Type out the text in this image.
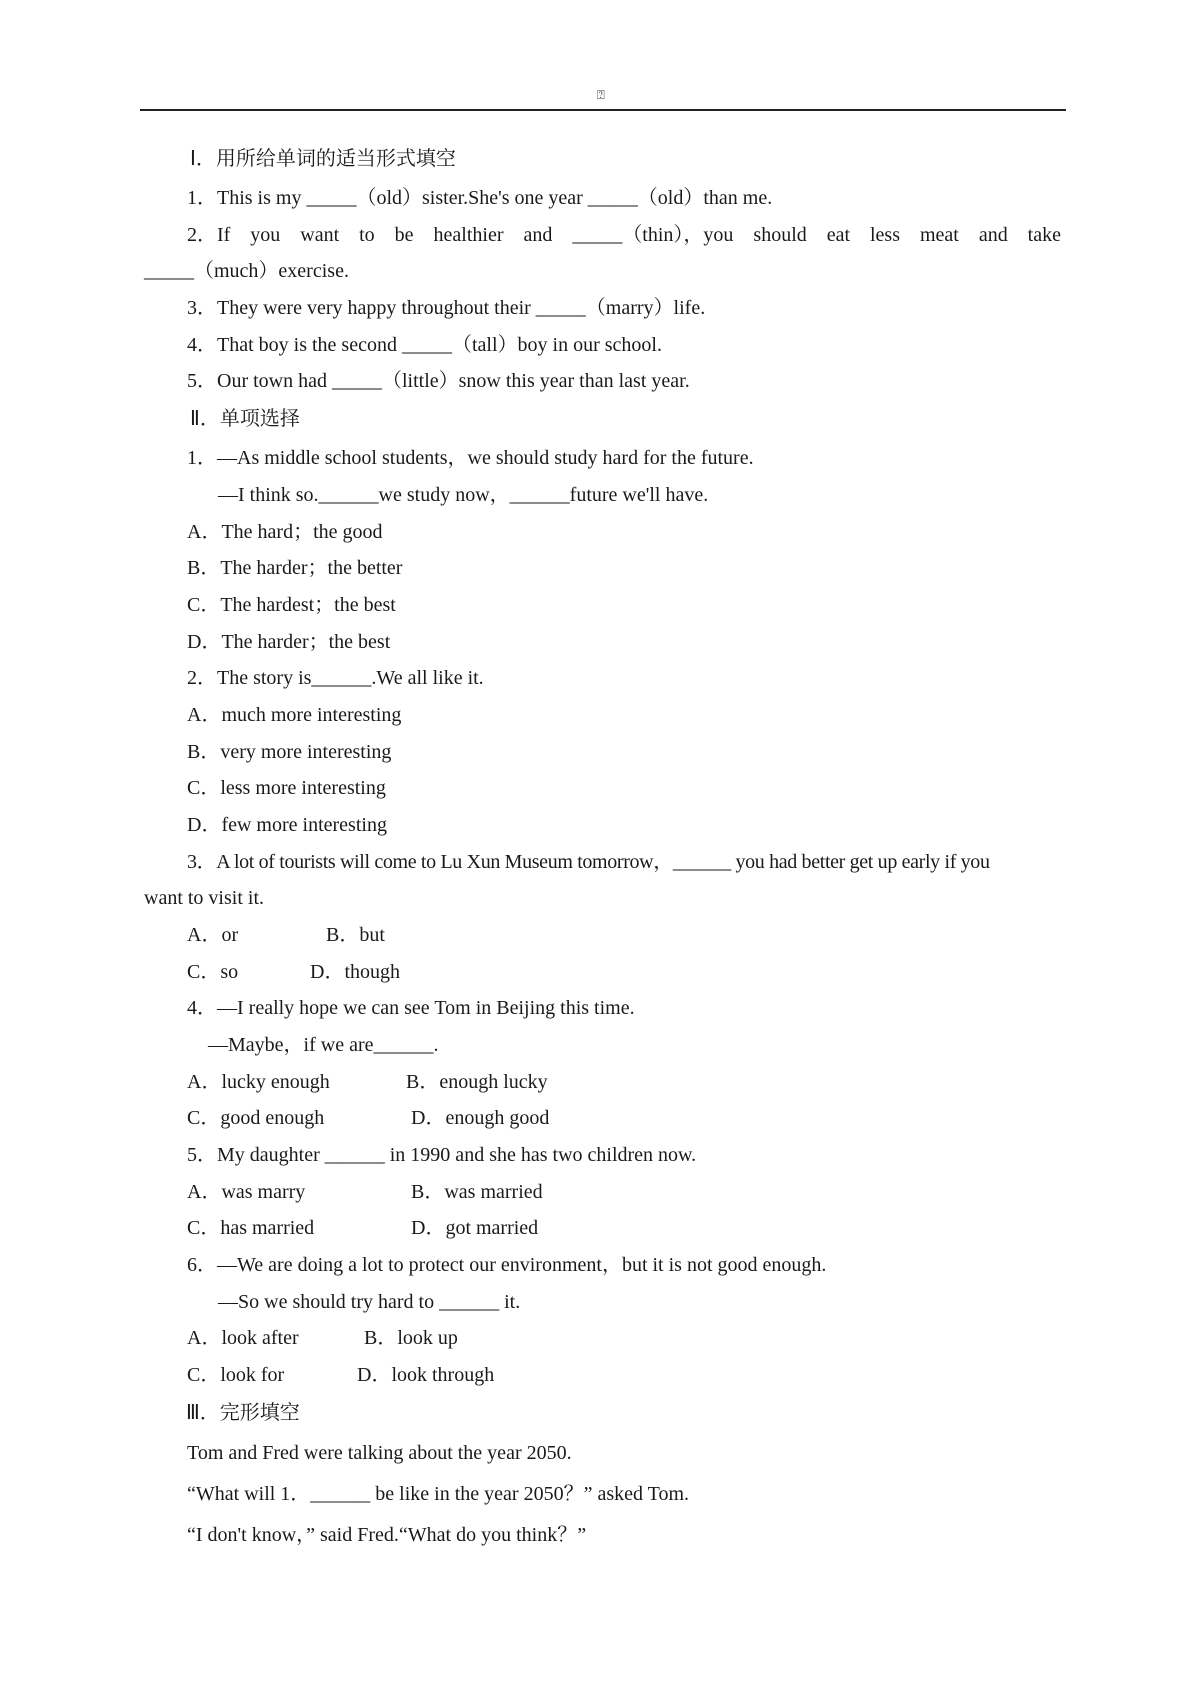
⍰
Ⅰ．用所给单词的适当形式填空
1．This is my _____（old）sister.She's one year _____（old）than me.
2．If you want to be healthier and _____（thin），you should eat less meat and take
_____（much）exercise.
3．They were very happy throughout their _____（marry）life.
4．That boy is the second _____（tall）boy in our school.
5．Our town had _____（little）snow this year than last year.
Ⅱ．单项选择
1．—As middle school students，we should study hard for the future.
—I think so.______we study now，______future we'll have.
A．The hard；the good
B．The harder；the better
C．The hardest；the best
D．The harder；the best
2．The story is______.We all like it.
A．much more interesting
B．very more interesting
C．less more interesting
D．few more interesting
3．A lot of tourists will come to Lu Xun Museum tomorrow，______ you had better get up early if you
want to visit it.
A．or	B．but
C．so	D．though
4．—I really hope we can see Tom in Beijing this time.
—Maybe，if we are______.
A．lucky enough	B．enough lucky
C．good enough	D．enough good
5．My daughter ______ in 1990 and she has two children now.
A．was marry	B．was married
C．has married	D．got married
6．—We are doing a lot to protect our environment，but it is not good enough.
—So we should try hard to ______ it.
A．look after	B．look up
C．look for	D．look through
Ⅲ．完形填空
Tom and Fred were talking about the year 2050.
“What will 1．______ be like in the year 2050？” asked Tom.
“I don't know，” said Fred.“What do you think？”
